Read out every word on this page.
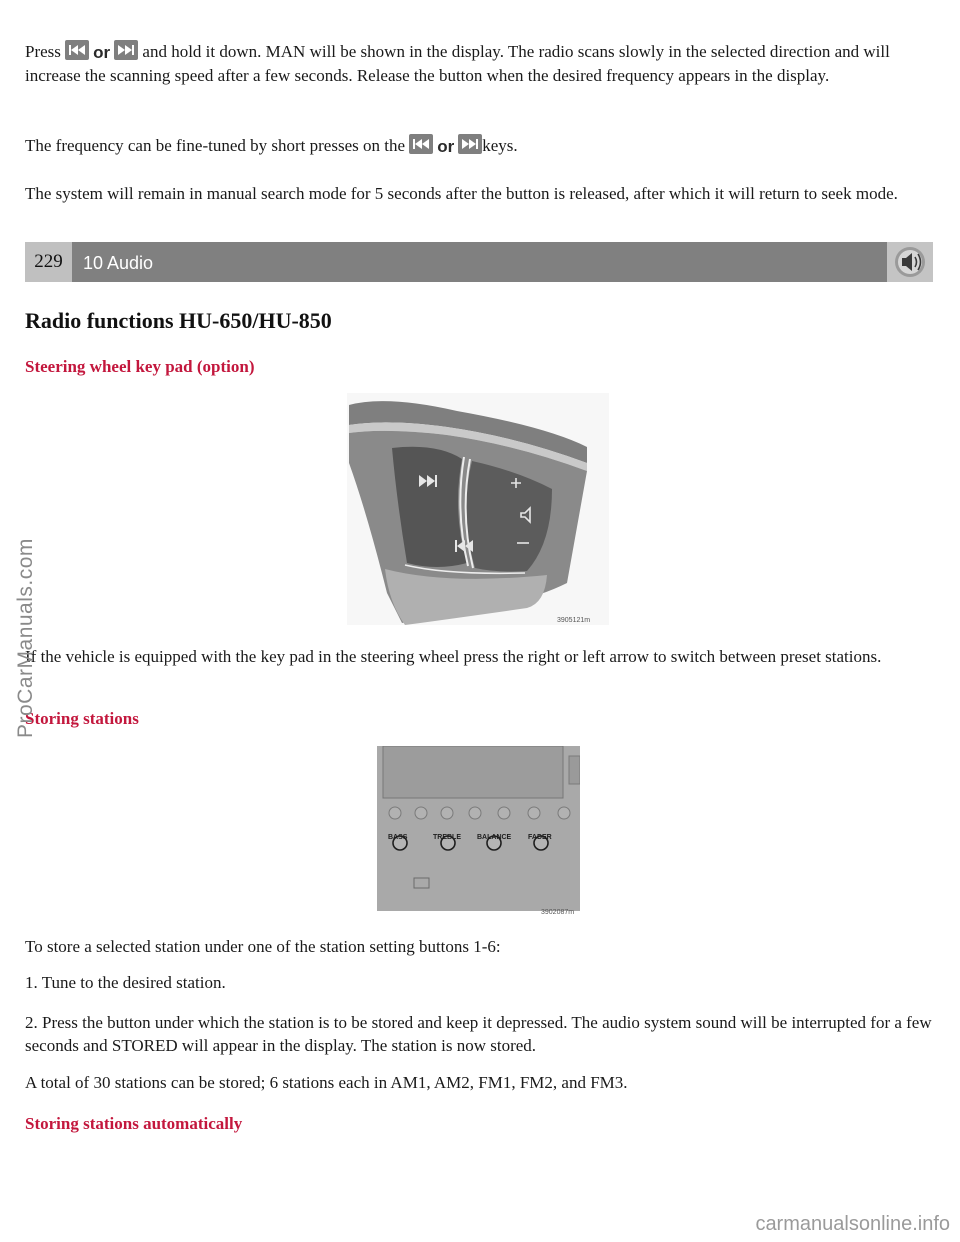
Press or and hold it down. MAN will be shown in the display. The radio scans slowly in the selected direction and will increase the scanning speed after a few seconds. Release the button when the desired frequency appears in the display.

The frequency can be fine-tuned by short presses on the or keys.

The system will remain in manual search mode for 5 seconds after the button is released, after which it will return to seek mode.

229	10 Audio
Radio functions HU-650/HU-850
Steering wheel key pad (option)
3905121m

If the vehicle is equipped with the key pad in the steering wheel press the right or left arrow to switch between preset stations.

Storing stations
BASS	TREBLE BALANCE FADER
3902087m

To store a selected station under one of the station setting buttons 1-6:

1. Tune to the desired station.

2. Press the button under which the station is to be stored and keep it depressed. The audio system sound will be interrupted for a few seconds and STORED will appear in the display. The station is now stored.

A total of 30 stations can be stored; 6 stations each in AM1, AM2, FM1, FM2, and FM3.

Storing stations automatically
ProCarManuals.com
carmanualsonline.info
